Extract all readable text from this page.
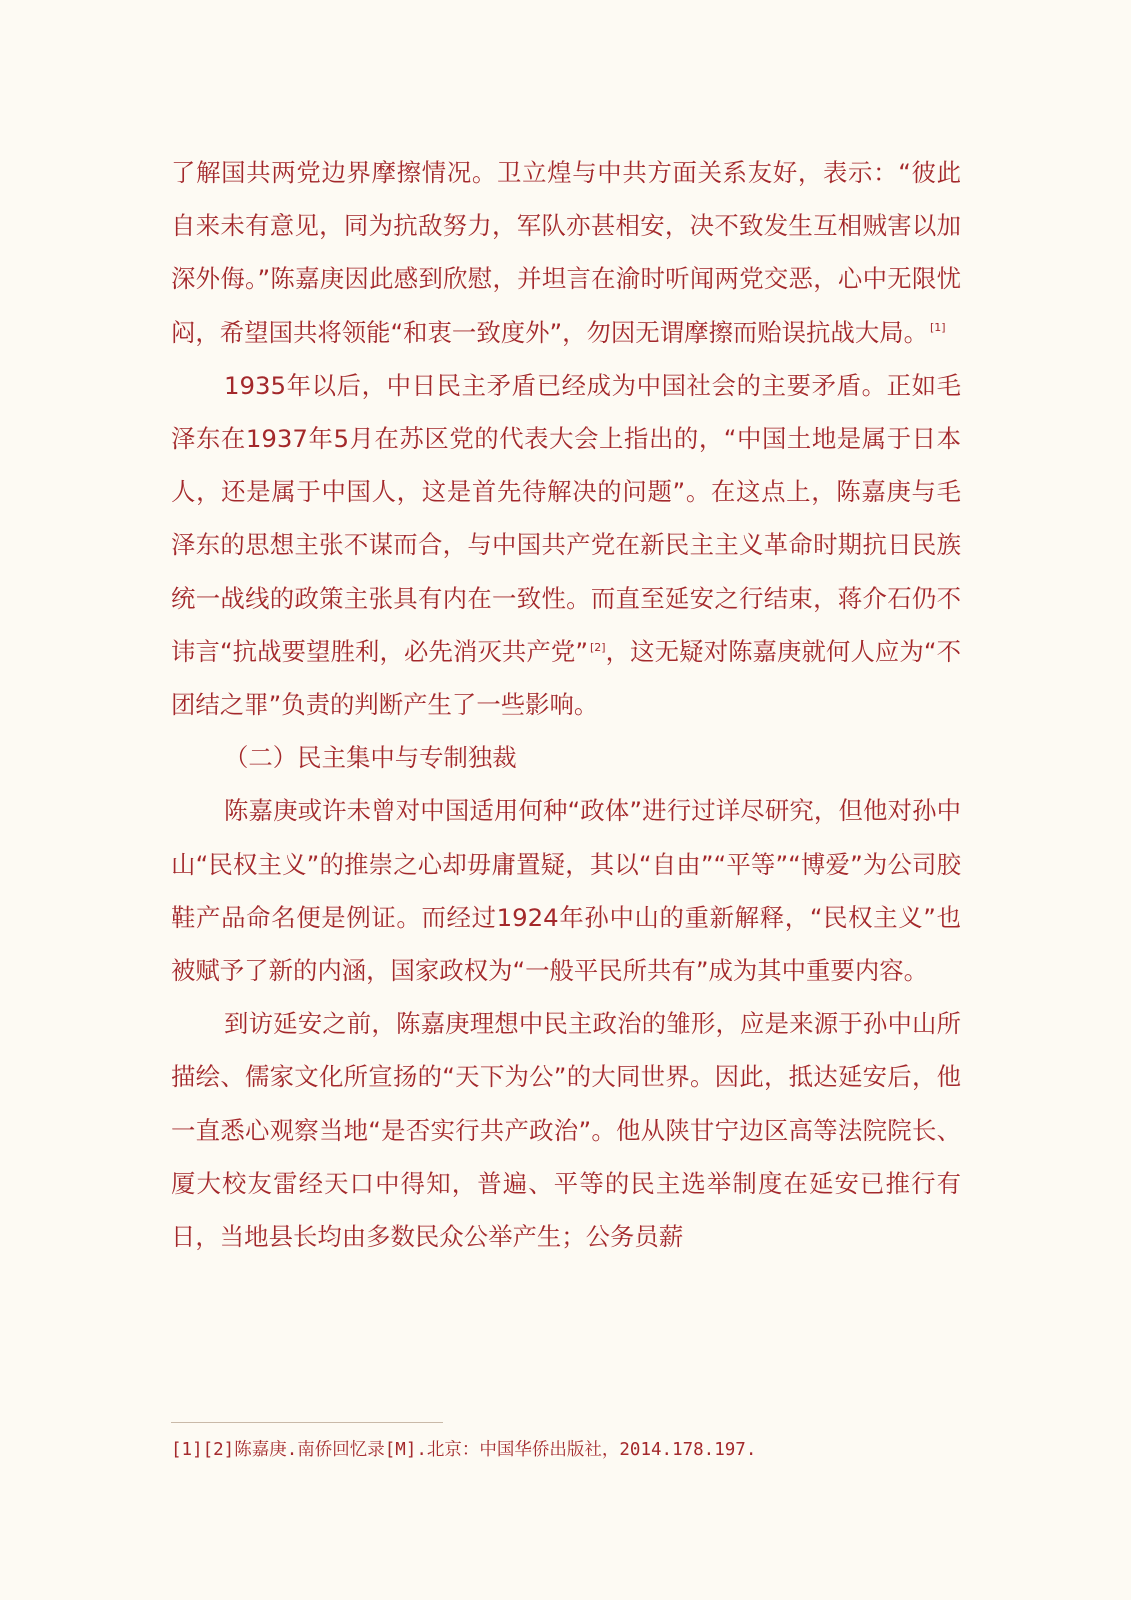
了解国共两党边界摩擦情况。卫立煌与中共方面关系友好，表示：“彼此自来未有意见，同为抗敌努力，军队亦甚相安，决不致发生互相贼害以加深外侮。”陈嘉庚因此感到欣慰，并坦言在渝时听闻两党交恶，心中无限忧闷，希望国共将领能“和衷一致度外”，勿因无谓摩擦而贻误抗战大局。 [1]

1935年以后，中日民主矛盾已经成为中国社会的主要矛盾。正如毛泽东在1937年5月在苏区党的代表大会上指出的，“中国土地是属于日本人，还是属于中国人，这是首先待解决的问题”。在这点上，陈嘉庚与毛泽东的思想主张不谋而合，与中国共产党在新民主主义革命时期抗日民族统一战线的政策主张具有内在一致性。而直至延安之行结束，蒋介石仍不讳言“抗战要望胜利，必先消灭共产党” [2]，这无疑对陈嘉庚就何人应为“不团结之罪”负责的判断产生了一些影响。

（二）民主集中与专制独裁

陈嘉庚或许未曾对中国适用何种“政体”进行过详尽研究，但他对孙中山“民权主义”的推崇之心却毋庸置疑，其以“自由”“平等”“博爱”为公司胶鞋产品命名便是例证。而经过1924年孙中山的重新解释，“民权主义”也被赋予了新的内涵，国家政权为“一般平民所共有”成为其中重要内容。

到访延安之前，陈嘉庚理想中民主政治的雏形，应是来源于孙中山所描绘、儒家文化所宣扬的“天下为公”的大同世界。因此，抵达延安后，他一直悉心观察当地“是否实行共产政治”。他从陕甘宁边区高等法院院长、厦大校友雷经天口中得知，普遍、平等的民主选举制度在延安已推行有日，当地县长均由多数民众公举产生；公务员薪

[1][2]陈嘉庚.南侨回忆录[M].北京：中国华侨出版社，2014.178.197.
